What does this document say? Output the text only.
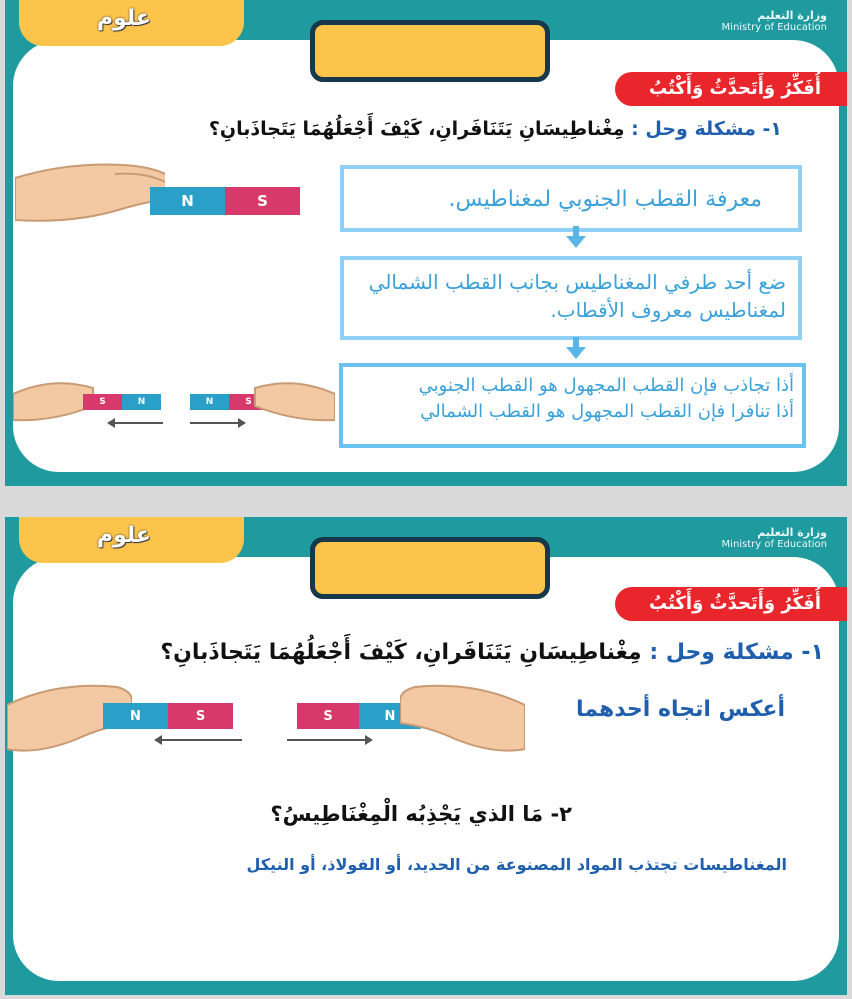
علوم	وزارة التعليم
Ministry of Education
أُفَكِّرُ وَأَتَحدَّثُ وَأَكْتُبُ
١- مشكلة وحل : مِغْناطِيسَانِ يَتَنَافَرانِ، كَيْفَ أَجْعَلُهُمَا يَتَجاذَبانِ؟
N	S	معرفة القطب الجنوبي لمغناطيس.
ضع أحد طرفي المغناطيس بجانب القطب الشمالي لمغناطيس معروف الأقطاب.
أذا تجاذب فإن القطب المجهول هو القطب الجنوبي
أذا تنافرا فإن القطب المجهول هو القطب الشمالي
S	N	N	S
علوم	وزارة التعليم
Ministry of Education
أُفَكِّرُ وَأَتَحدَّثُ وَأَكْتُبُ
١- مشكلة وحل : مِغْناطِيسَانِ يَتَنَافَرانِ، كَيْفَ أَجْعَلُهُمَا يَتَجاذَبانِ؟
N	S	S	N	أعكس اتجاه أحدهما
٢- مَا الذي يَجْذِبُه الْمِغْنَاطِيسُ؟
المغناطيسات تجتذب المواد المصنوعة من الحديد، أو الفولاذ، أو النيكل
